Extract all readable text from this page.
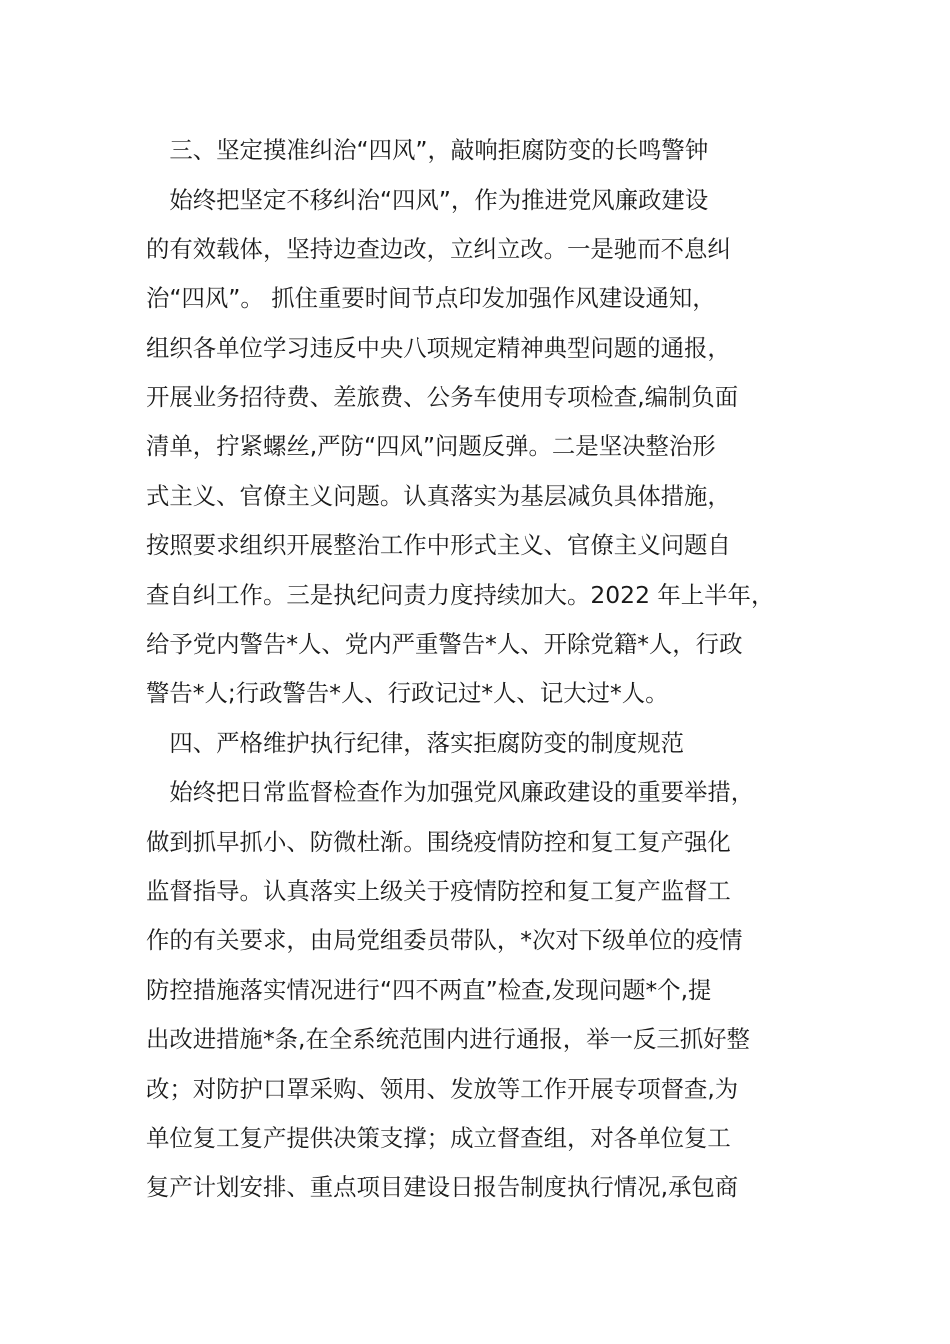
　三、坚定摸准纠治“四风”，敲响拒腐防变的长鸣警钟
　始终把坚定不移纠治“四风”，作为推进党风廉政建设
的有效载体，坚持边查边改，立纠立改。一是驰而不息纠
治“四风”。 抓住重要时间节点印发加强作风建设通知，
组织各单位学习违反中央八项规定精神典型问题的通报，
开展业务招待费、差旅费、公务车使用专项检查,编制负面
清单，拧紧螺丝,严防“四风”问题反弹。二是坚决整治形
式主义、官僚主义问题。认真落实为基层减负具体措施，
按照要求组织开展整治工作中形式主义、官僚主义问题自
查自纠工作。三是执纪问责力度持续加大。2022 年上半年，
给予党内警告*人、党内严重警告*人、开除党籍*人，行政
警告*人;行政警告*人、行政记过*人、记大过*人。
　四、严格维护执行纪律，落实拒腐防变的制度规范
　始终把日常监督检查作为加强党风廉政建设的重要举措，
做到抓早抓小、防微杜渐。围绕疫情防控和复工复产强化
监督指导。认真落实上级关于疫情防控和复工复产监督工
作的有关要求，由局党组委员带队，*次对下级单位的疫情
防控措施落实情况进行“四不两直”检查,发现问题*个,提
出改进措施*条,在全系统范围内进行通报，举一反三抓好整
改；对防护口罩采购、领用、发放等工作开展专项督查,为
单位复工复产提供决策支撑；成立督查组，对各单位复工
复产计划安排、重点项目建设日报告制度执行情况,承包商
